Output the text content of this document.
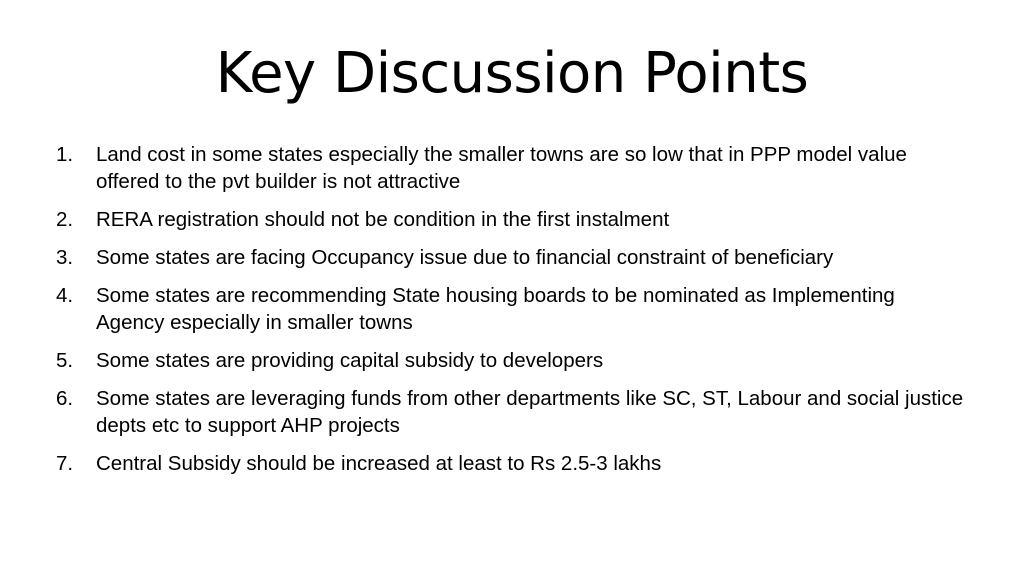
Key Discussion Points
1.	Land cost in some states especially the smaller towns are so low that in PPP model value offered to the pvt builder is not attractive
2.	RERA registration should not be condition in the first instalment
3.	Some states are facing Occupancy issue due to financial constraint of beneficiary
4.	Some states are recommending State housing boards to be nominated as Implementing Agency especially in smaller towns
5.	Some states are providing capital subsidy to developers
6.	Some states are leveraging funds from other departments like SC, ST, Labour and social justice depts etc to support AHP projects
7.	Central Subsidy should be increased at least to Rs 2.5-3 lakhs
